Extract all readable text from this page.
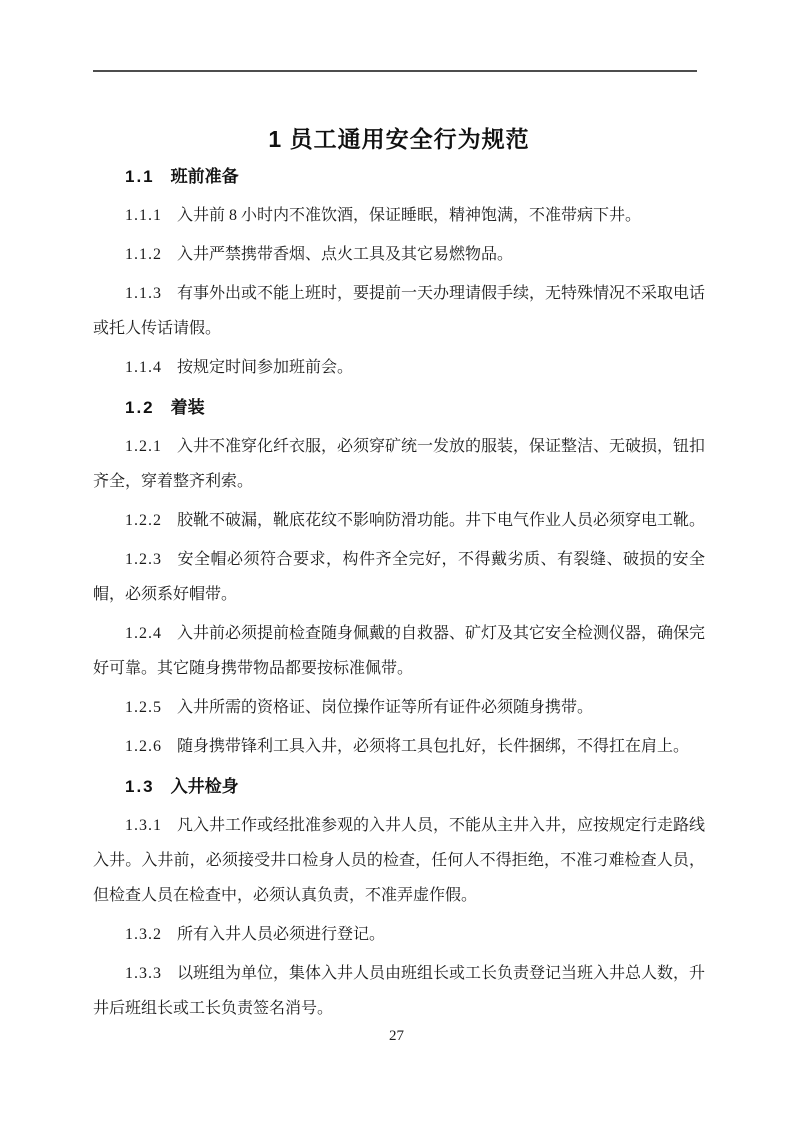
1 员工通用安全行为规范
1.1 班前准备

1.1.1 入井前 8 小时内不准饮酒，保证睡眠，精神饱满，不准带病下井。

1.1.2 入井严禁携带香烟、点火工具及其它易燃物品。

1.1.3 有事外出或不能上班时，要提前一天办理请假手续，无特殊情况不采取电话或托人传话请假。

1.1.4 按规定时间参加班前会。

1.2 着装

1.2.1 入井不准穿化纤衣服，必须穿矿统一发放的服装，保证整洁、无破损，钮扣齐全，穿着整齐利索。

1.2.2 胶靴不破漏，靴底花纹不影响防滑功能。井下电气作业人员必须穿电工靴。

1.2.3 安全帽必须符合要求，构件齐全完好，不得戴劣质、有裂缝、破损的安全帽，必须系好帽带。

1.2.4 入井前必须提前检查随身佩戴的自救器、矿灯及其它安全检测仪器，确保完好可靠。其它随身携带物品都要按标准佩带。

1.2.5 入井所需的资格证、岗位操作证等所有证件必须随身携带。

1.2.6 随身携带锋利工具入井，必须将工具包扎好，长件捆绑，不得扛在肩上。

1.3 入井检身

1.3.1 凡入井工作或经批准参观的入井人员，不能从主井入井，应按规定行走路线入井。入井前，必须接受井口检身人员的检查，任何人不得拒绝，不准刁难检查人员，但检查人员在检查中，必须认真负责，不准弄虚作假。

1.3.2 所有入井人员必须进行登记。

1.3.3 以班组为单位，集体入井人员由班组长或工长负责登记当班入井总人数，升井后班组长或工长负责签名消号。

27
